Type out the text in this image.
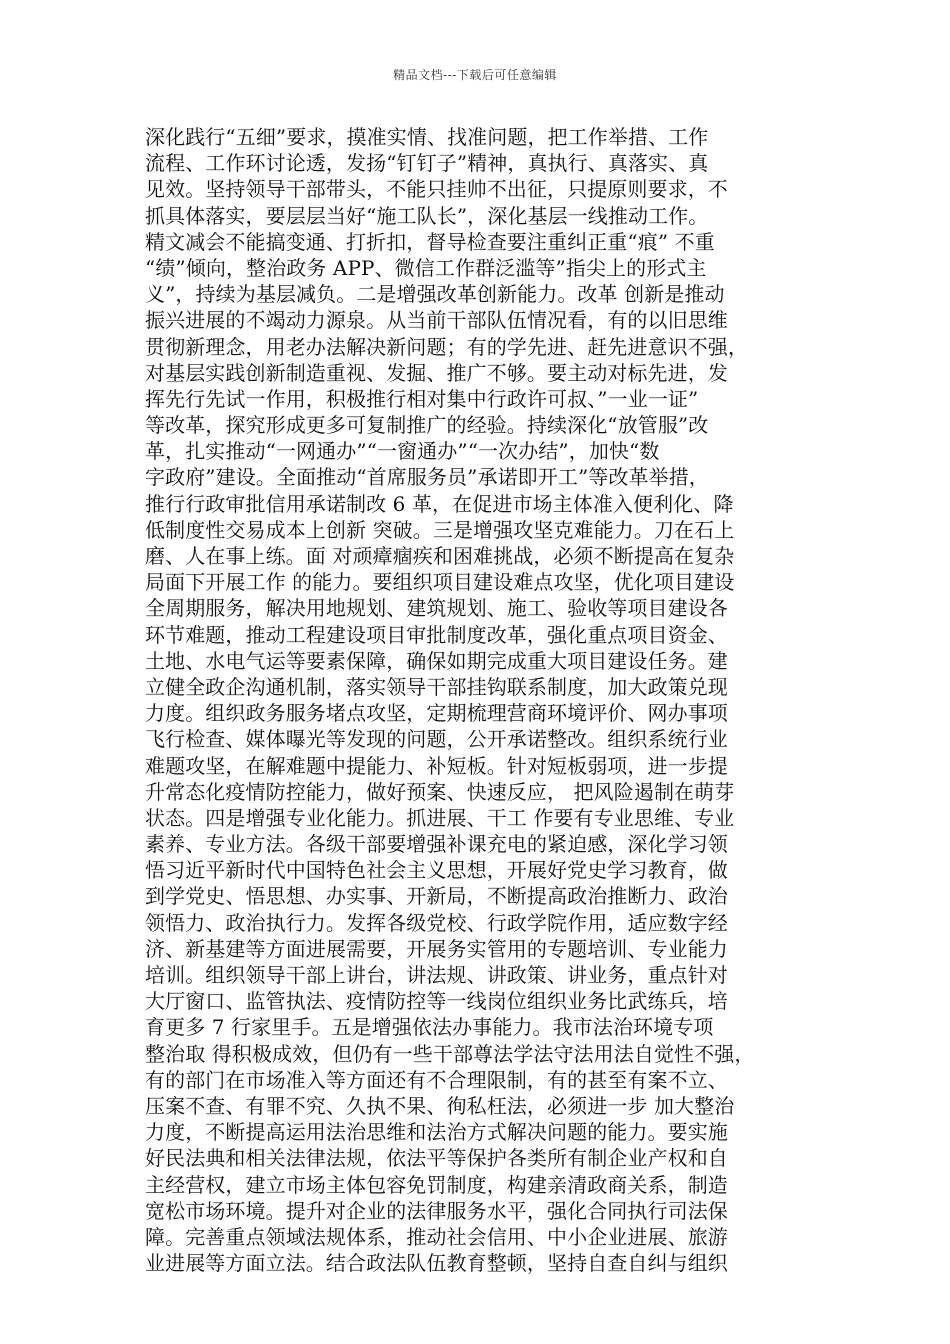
精品文档---下载后可任意编辑
深化践行“五细”要求，摸准实情、找准问题，把工作举措、工作
流程、工作环讨论透，发扬“钉钉子”精神，真执行、真落实、真
见效。坚持领导干部带头，不能只挂帅不出征，只提原则要求，不
抓具体落实，要层层当好“施工队长”，深化基层一线推动工作。
精文减会不能搞变通、打折扣，督导检查要注重纠正重“痕” 不重
“绩”倾向，整治政务 APP、微信工作群泛滥等”指尖上的形式主
义”，持续为基层减负。二是增强改革创新能力。改革 创新是推动
振兴进展的不竭动力源泉。从当前干部队伍情况看，有的以旧思维
贯彻新理念，用老办法解决新问题；有的学先进、赶先进意识不强，
对基层实践创新制造重视、发掘、推广不够。要主动对标先进，发
挥先行先试一作用，积极推行相对集中行政许可叔、”一业一证”
等改革，探究形成更多可复制推广的经验。持续深化“放管服”改
革，扎实推动“一网通办”“一窗通办”“一次办结”，加快“数
字政府”建设。全面推动“首席服务员”承诺即开工”等改革举措，
推行行政审批信用承诺制改 6 革，在促进市场主体准入便利化、降
低制度性交易成本上创新 突破。三是增强攻坚克难能力。刀在石上
磨、人在事上练。面 对顽瘴痼疾和困难挑战，必须不断提高在复杂
局面下开展工作 的能力。要组织项目建设难点攻坚，优化项目建设
全周期服务，解决用地规划、建筑规划、施工、验收等项目建设各
环节难题，推动工程建设项目审批制度改革，强化重点项目资金、
土地、水电气运等要素保障，确保如期完成重大项目建设任务。建
立健全政企沟通机制，落实领导干部挂钩联系制度，加大政策兑现
力度。组织政务服务堵点攻坚，定期梳理营商环境评价、网办事项
飞行检查、媒体曝光等发现的问题，公开承诺整改。组织系统行业
难题攻坚，在解难题中提能力、补短板。针对短板弱项，进一步提
升常态化疫情防控能力，做好预案、快速反应， 把风险遏制在萌芽
状态。四是增强专业化能力。抓进展、干工 作要有专业思维、专业
素养、专业方法。各级干部要增强补课充电的紧迫感，深化学习领
悟习近平新时代中国特色社会主义思想，开展好党史学习教育，做
到学党史、悟思想、办实事、开新局，不断提高政治推断力、政治
领悟力、政治执行力。发挥各级党校、行政学院作用，适应数字经
济、新基建等方面进展需要，开展务实管用的专题培训、专业能力
培训。组织领导干部上讲台，讲法规、讲政策、讲业务，重点针对
大厅窗口、监管执法、疫情防控等一线岗位组织业务比武练兵，培
育更多 7 行家里手。五是增强依法办事能力。我市法治环境专项
整治取 得积极成效，但仍有一些干部尊法学法守法用法自觉性不强，
有的部门在市场准入等方面还有不合理限制，有的甚至有案不立、
压案不查、有罪不究、久执不果、徇私枉法，必须进一步 加大整治
力度，不断提高运用法治思维和法治方式解决问题的能力。要实施
好民法典和相关法律法规，依法平等保护各类所有制企业产权和自
主经营权，建立市场主体包容免罚制度，构建亲清政商关系，制造
宽松市场环境。提升对企业的法律服务水平，强化合同执行司法保
障。完善重点领域法规体系，推动社会信用、中小企业进展、旅游
业进展等方面立法。结合政法队伍教育整顿，坚持自查自纠与组织
